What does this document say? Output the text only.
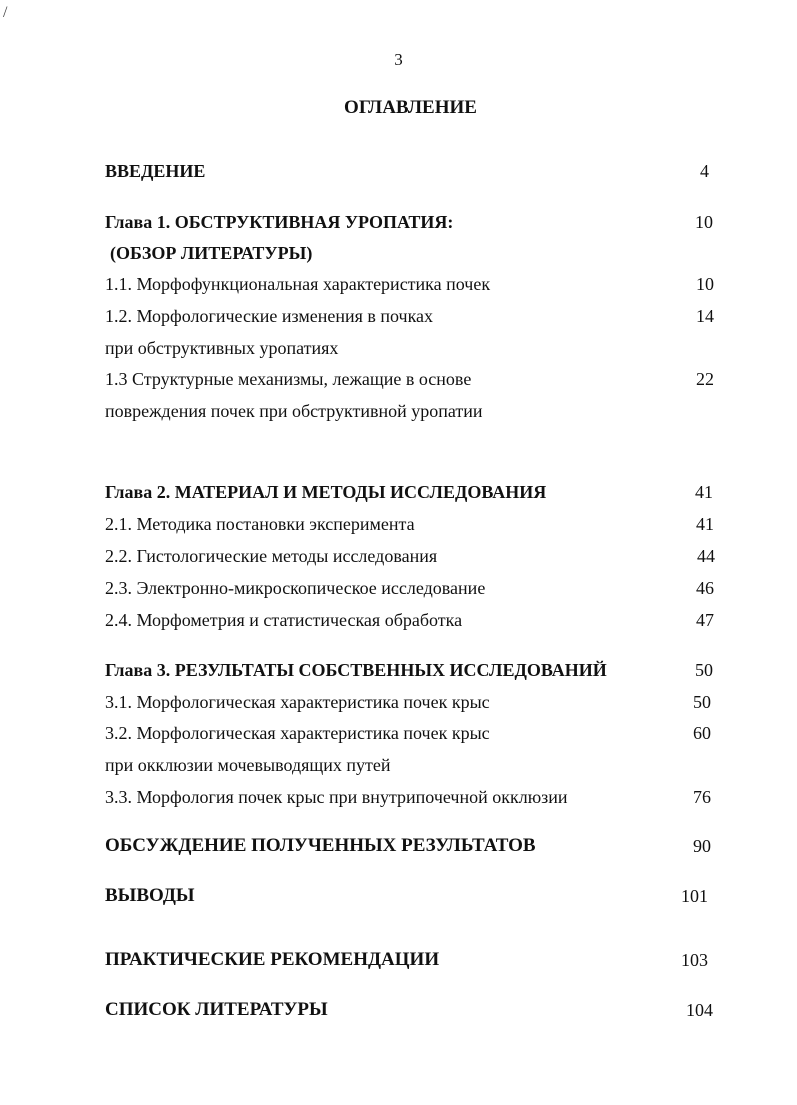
/
3
ОГЛАВЛЕНИЕ
ВВЕДЕНИЕ	4
Глава 1. ОБСТРУКТИВНАЯ УРОПАТИЯ:	10
(ОБЗОР ЛИТЕРАТУРЫ)
1.1. Морфофункциональная характеристика почек	10
1.2. Морфологические изменения в почках	14
при обструктивных уропатиях
1.3 Структурные механизмы, лежащие в основе	22
повреждения почек при обструктивной уропатии
Глава 2. МАТЕРИАЛ И МЕТОДЫ ИССЛЕДОВАНИЯ	41
2.1. Методика постановки эксперимента	41
2.2. Гистологические методы исследования	44
2.3. Электронно-микроскопическое исследование	46
2.4. Морфометрия и статистическая обработка	47
Глава 3. РЕЗУЛЬТАТЫ СОБСТВЕННЫХ ИССЛЕДОВАНИЙ	50
3.1. Морфологическая характеристика почек крыс	50
3.2. Морфологическая характеристика почек крыс	60
при окклюзии мочевыводящих путей
3.3. Морфология почек крыс при внутрипочечной окклюзии	76
ОБСУЖДЕНИЕ ПОЛУЧЕННЫХ РЕЗУЛЬТАТОВ	90
ВЫВОДЫ	101
ПРАКТИЧЕСКИЕ РЕКОМЕНДАЦИИ	103
СПИСОК ЛИТЕРАТУРЫ	104
